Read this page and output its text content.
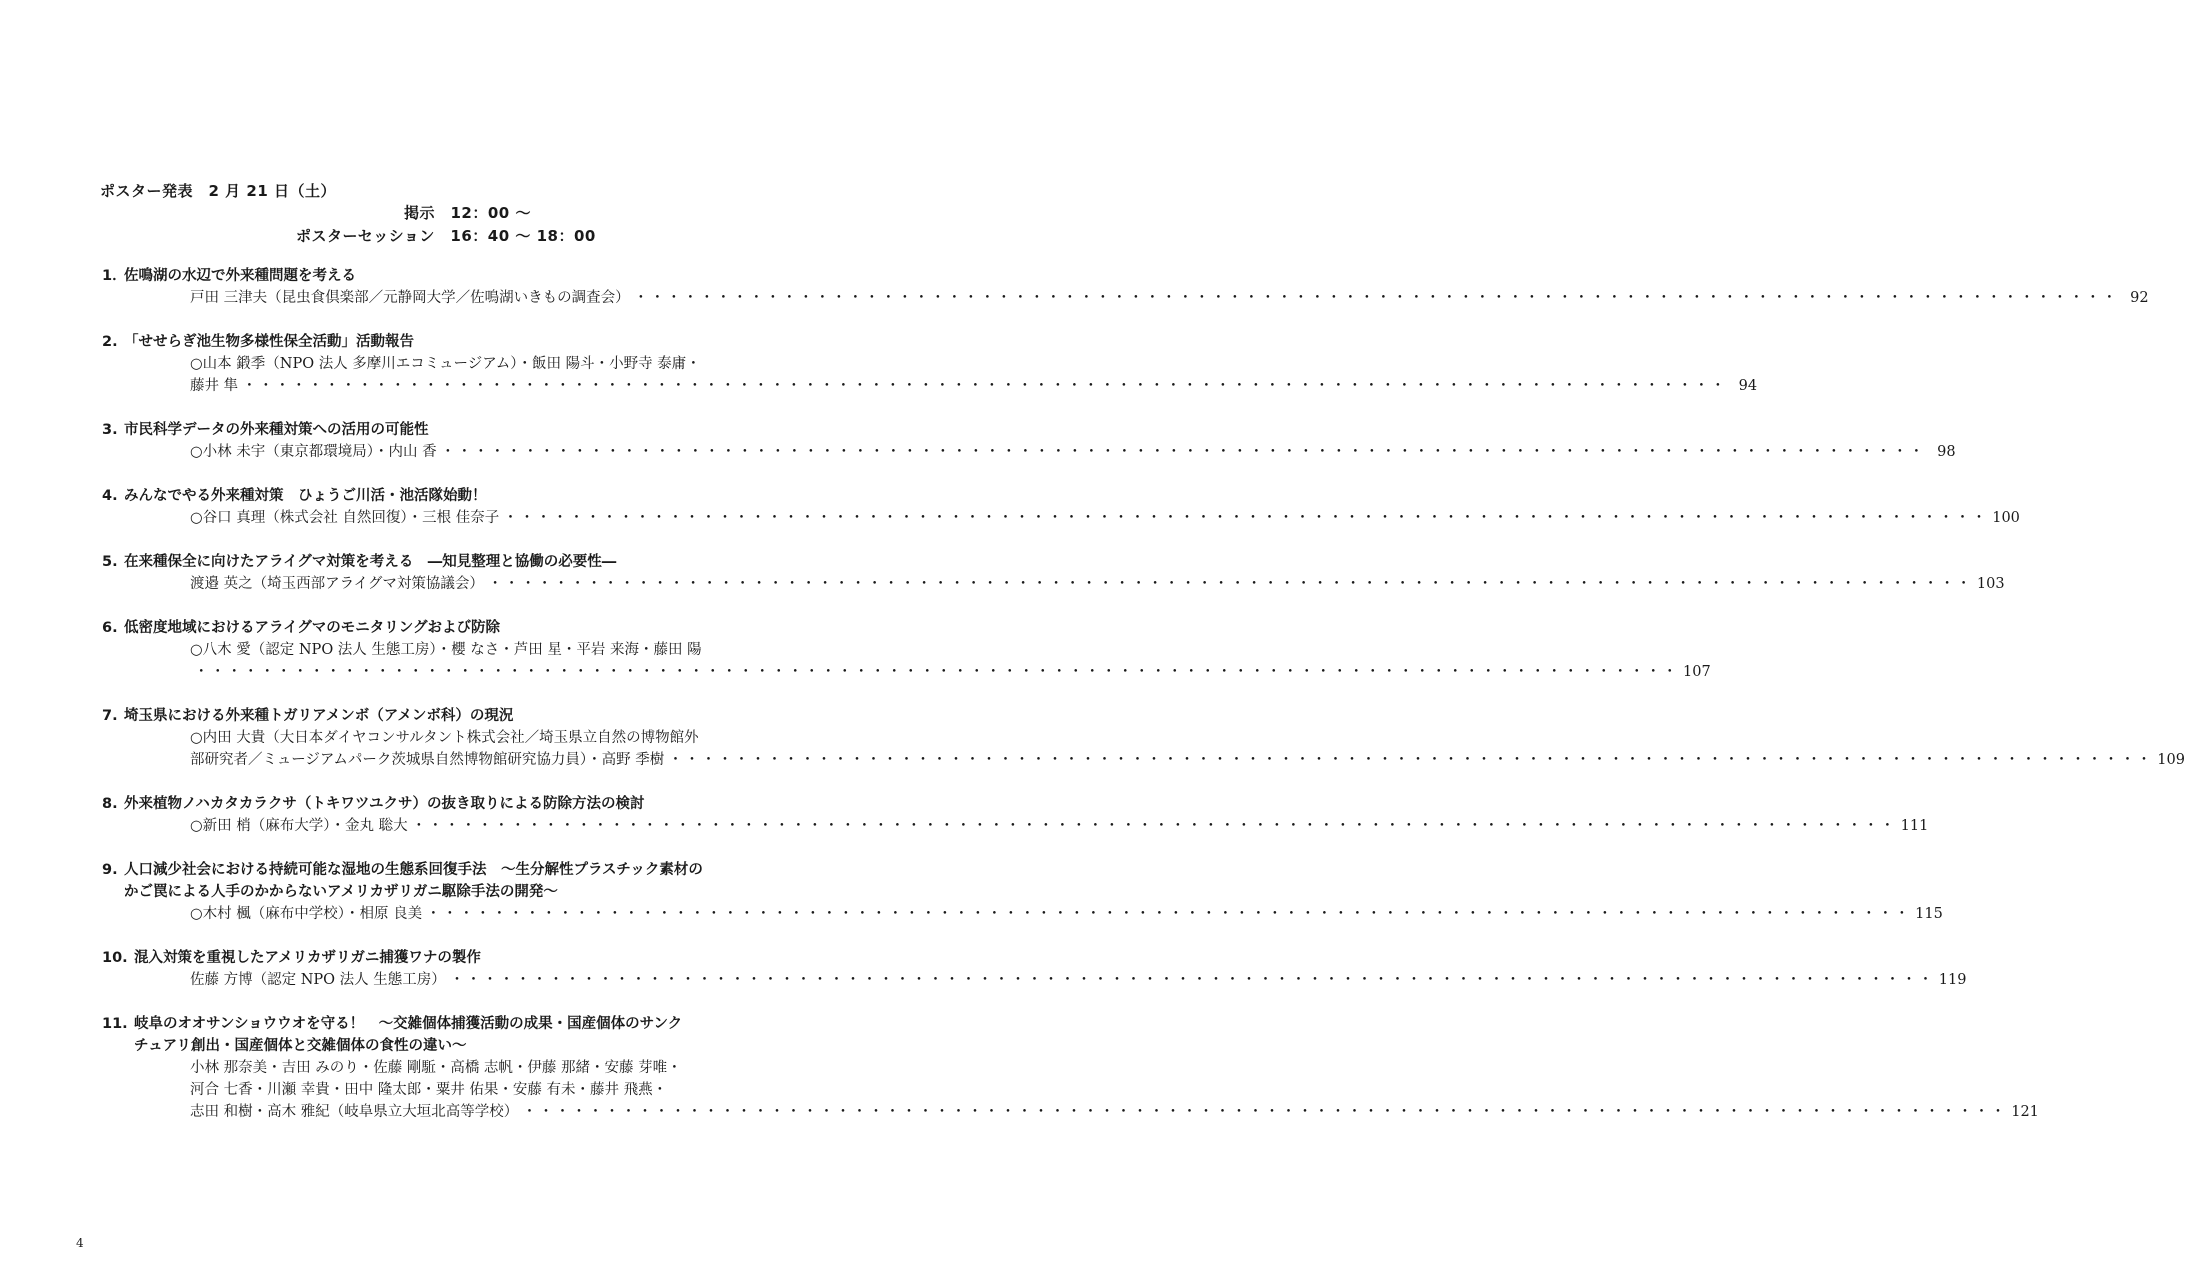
ポスター発表　2 月 21 日（土）
掲示　12：00 ～
ポスターセッション　16：40 ～ 18：00
1．
佐鳴湖の水辺で外来種問題を考える
戸田 三津夫（昆虫食倶楽部／元静岡大学／佐鳴湖いきもの調査会） ・・・・・・・・・・・・・・・・・・・・・・・・・・・・・・・・・・・・・・・・・・・・・・・・・・・・・・・・・・・・・・・・・・・・・・・・・・・・・・・・・・・・・・・・・・ 92
2. 「せせらぎ池生物多様性保全活動」活動報告
○山本 鍛季（NPO 法人 多摩川エコミュージアム）・飯田 陽斗・小野寺 泰庸・
藤井 隼 ・・・・・・・・・・・・・・・・・・・・・・・・・・・・・・・・・・・・・・・・・・・・・・・・・・・・・・・・・・・・・・・・・・・・・・・・・・・・・・・・・・・・・・・・・・ 94
3. 市民科学データの外来種対策への活用の可能性
○小林 未宇（東京都環境局）・内山 香 ・・・・・・・・・・・・・・・・・・・・・・・・・・・・・・・・・・・・・・・・・・・・・・・・・・・・・・・・・・・・・・・・・・・・・・・・・・・・・・・・・・・・・・・・・・ 98
4. みんなでやる外来種対策　ひょうご川活・池活隊始動！
○谷口 真理（株式会社 自然回復）・三根 佳奈子 ・・・・・・・・・・・・・・・・・・・・・・・・・・・・・・・・・・・・・・・・・・・・・・・・・・・・・・・・・・・・・・・・・・・・・・・・・・・・・・・・・・・・・・・・・・ 100
5. 在来種保全に向けたアライグマ対策を考える　―知見整理と協働の必要性―
渡邉 英之（埼玉西部アライグマ対策協議会） ・・・・・・・・・・・・・・・・・・・・・・・・・・・・・・・・・・・・・・・・・・・・・・・・・・・・・・・・・・・・・・・・・・・・・・・・・・・・・・・・・・・・・・・・・・ 103
6. 低密度地域におけるアライグマのモニタリングおよび防除
○八木 愛（認定 NPO 法人 生態工房）・櫻 なさ・芦田 星・平岩 来海・藤田 陽
・・・・・・・・・・・・・・・・・・・・・・・・・・・・・・・・・・・・・・・・・・・・・・・・・・・・・・・・・・・・・・・・・・・・・・・・・・・・・・・・・・・・・・・・・・ 107
7. 埼玉県における外来種トガリアメンボ（アメンボ科）の現況
○内田 大貴（大日本ダイヤコンサルタント株式会社／埼玉県立自然の博物館外
部研究者／ミュージアムパーク茨城県自然博物館研究協力員）・高野 季樹 ・・・・・・・・・・・・・・・・・・・・・・・・・・・・・・・・・・・・・・・・・・・・・・・・・・・・・・・・・・・・・・・・・・・・・・・・・・・・・・・・・・・・・・・・・・ 109
8. 外来植物ノハカタカラクサ（トキワツユクサ）の抜き取りによる防除方法の検討
○新田 梢（麻布大学）・金丸 聡大 ・・・・・・・・・・・・・・・・・・・・・・・・・・・・・・・・・・・・・・・・・・・・・・・・・・・・・・・・・・・・・・・・・・・・・・・・・・・・・・・・・・・・・・・・・・ 111
9. 人口減少社会における持続可能な湿地の生態系回復手法　～生分解性プラスチック素材の
かご罠による人手のかからないアメリカザリガニ駆除手法の開発～
○木村 楓（麻布中学校）・相原 良美 ・・・・・・・・・・・・・・・・・・・・・・・・・・・・・・・・・・・・・・・・・・・・・・・・・・・・・・・・・・・・・・・・・・・・・・・・・・・・・・・・・・・・・・・・・・ 115
10. 混入対策を重視したアメリカザリガニ捕獲ワナの製作
佐藤 方博（認定 NPO 法人 生態工房） ・・・・・・・・・・・・・・・・・・・・・・・・・・・・・・・・・・・・・・・・・・・・・・・・・・・・・・・・・・・・・・・・・・・・・・・・・・・・・・・・・・・・・・・・・・ 119
11. 岐阜のオオサンショウウオを守る！　～交雑個体捕獲活動の成果・国産個体のサンク
チュアリ創出・国産個体と交雑個体の食性の違い～
小林 那奈美・吉田 みのり・佐藤 剛駈・高橋 志帆・伊藤 那緒・安藤 芽唯・
河合 七香・川瀬 幸貴・田中 隆太郎・粟井 佑果・安藤 有未・藤井 飛燕・
志田 和樹・高木 雅紀（岐阜県立大垣北高等学校） ・・・・・・・・・・・・・・・・・・・・・・・・・・・・・・・・・・・・・・・・・・・・・・・・・・・・・・・・・・・・・・・・・・・・・・・・・・・・・・・・・・・・・・・・・・ 121
4
